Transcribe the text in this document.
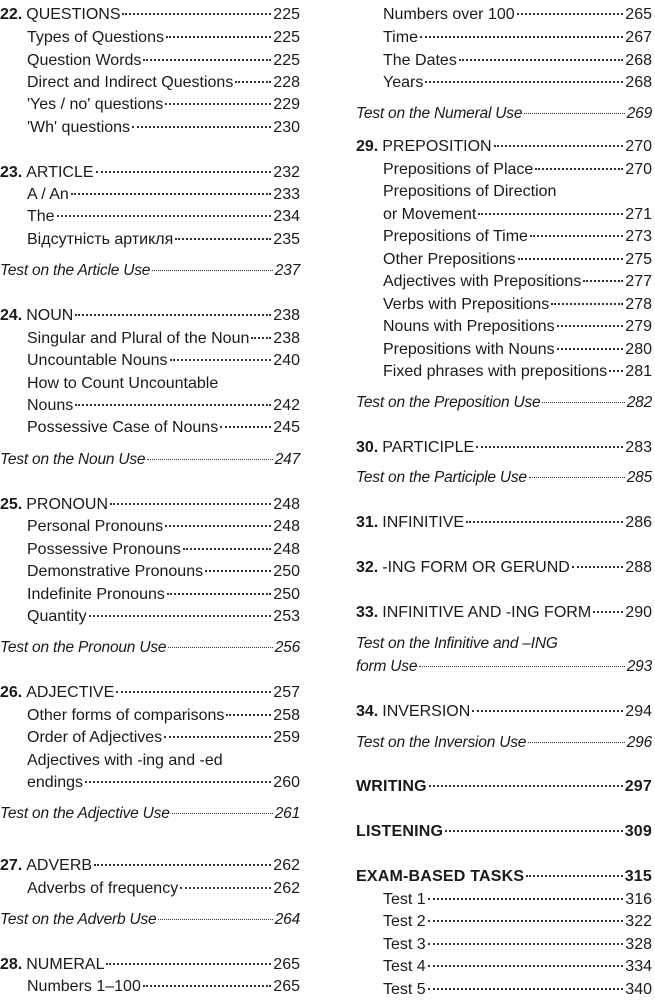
22. QUESTIONS	225
Types of Questions	225
Question Words	225
Direct and Indirect Questions 228
'Yes / no' questions	229
'Wh' questions	230
23. ARTICLE	232
A / An	233
The	234
Відсутність артикля	235
Test on the Article Use	237
24. NOUN	238
Singular and Plural of the Noun 238
Uncountable Nouns	240
How to Count Uncountable
Nouns	242
Possessive Case of Nouns	245
Test on the Noun Use	247
25. PRONOUN	248
Personal Pronouns	248
Possessive Pronouns	248
Demonstrative Pronouns	250
Indefinite Pronouns	250
Quantity	253
Test on the Pronoun Use	256
26. ADJECTIVE	257
Other forms of comparisons	258
Order of Adjectives	259
Adjectives with -ing and -ed
endings	260
Test on the Adjective Use	261
27. ADVERB	262
Adverbs of frequency	262
Test on the Adverb Use	264
28. NUMERAL	265
Numbers 1–100	265
Numbers over 100	265
Time	267
The Dates	268
Years	268
Test on the Numeral Use	269
29. PREPOSITION	270
Prepositions of Place	270
Prepositions of Direction
or Movement	271
Prepositions of Time	273
Other Prepositions	275
Adjectives with Prepositions	277
Verbs with Prepositions	278
Nouns with Prepositions	279
Prepositions with Nouns	280
Fixed phrases with prepositions 281
Test on the Preposition Use	282
30. PARTICIPLE	283
Test on the Participle Use	285
31. INFINITIVE	286
32. -ING FORM OR GERUND	288
33. INFINITIVE AND -ING FORM 290
Test on the Infinitive and –ING
form Use	293
34. INVERSION	294
Test on the Inversion Use	296
WRITING	297
LISTENING	309
EXAM-BASED TASKS	315
Test 1	316
Test 2	322
Test 3	328
Test 4	334
Test 5	340
